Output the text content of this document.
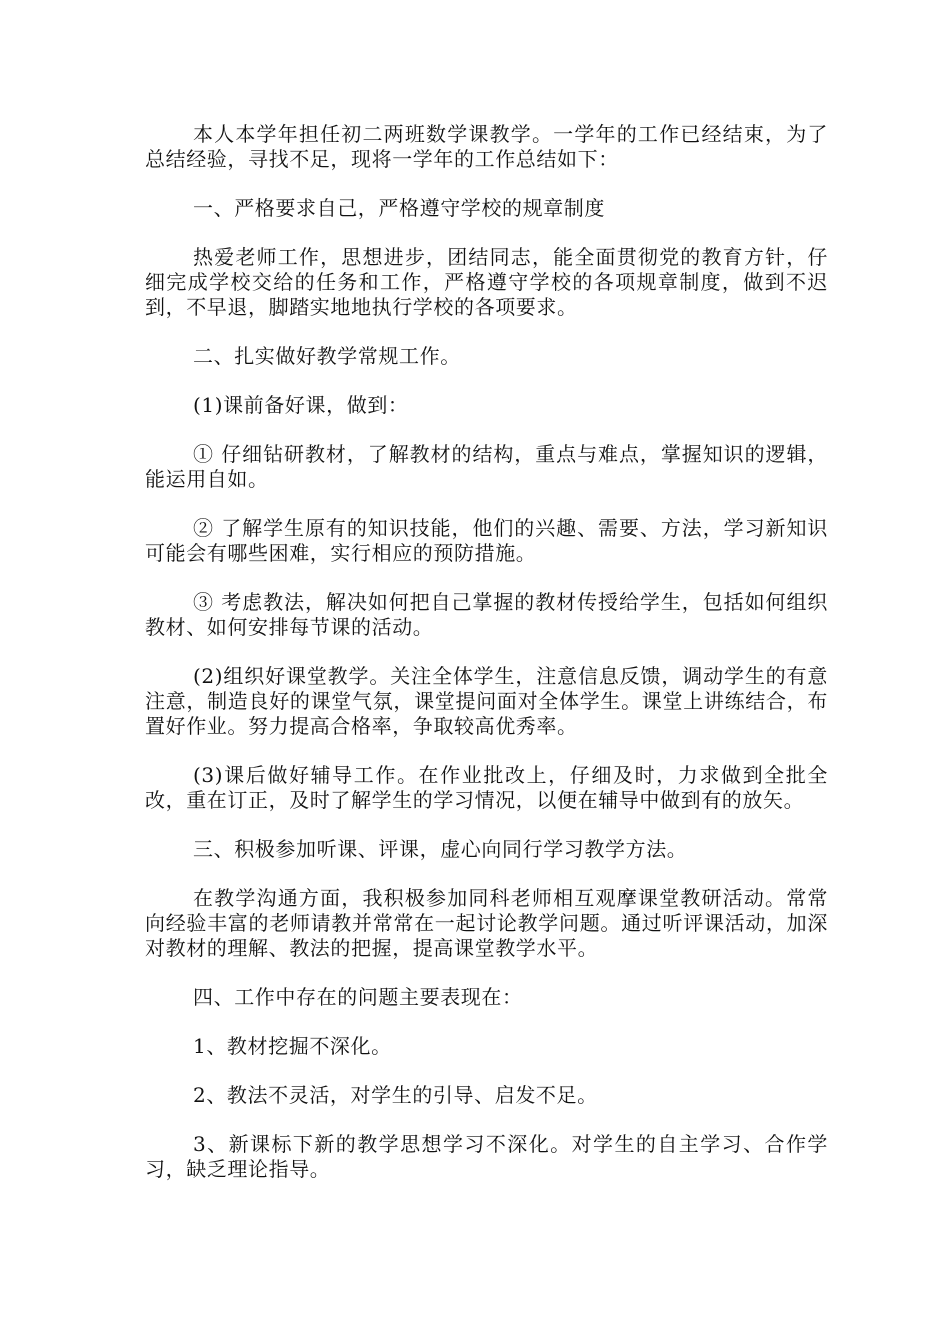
本人本学年担任初二两班数学课教学。一学年的工作已经结束，为了总结经验，寻找不足，现将一学年的工作总结如下：

一、严格要求自己，严格遵守学校的规章制度

热爱老师工作，思想进步，团结同志，能全面贯彻党的教育方针，仔细完成学校交给的任务和工作，严格遵守学校的各项规章制度，做到不迟到，不早退，脚踏实地地执行学校的各项要求。

二、扎实做好教学常规工作。

(1)课前备好课，做到：

① 仔细钻研教材，了解教材的结构，重点与难点，掌握知识的逻辑，能运用自如。

② 了解学生原有的知识技能，他们的兴趣、需要、方法，学习新知识可能会有哪些困难，实行相应的预防措施。

③ 考虑教法，解决如何把自己掌握的教材传授给学生，包括如何组织教材、如何安排每节课的活动。

(2)组织好课堂教学。关注全体学生，注意信息反馈，调动学生的有意注意，制造良好的课堂气氛，课堂提问面对全体学生。课堂上讲练结合，布置好作业。努力提高合格率，争取较高优秀率。

(3)课后做好辅导工作。在作业批改上，仔细及时，力求做到全批全改，重在订正，及时了解学生的学习情况，以便在辅导中做到有的放矢。

三、积极参加听课、评课，虚心向同行学习教学方法。

在教学沟通方面，我积极参加同科老师相互观摩课堂教研活动。常常向经验丰富的老师请教并常常在一起讨论教学问题。通过听评课活动，加深对教材的理解、教法的把握，提高课堂教学水平。

四、工作中存在的问题主要表现在：

1、教材挖掘不深化。

2、教法不灵活，对学生的引导、启发不足。

3、新课标下新的教学思想学习不深化。对学生的自主学习、合作学习，缺乏理论指导。
